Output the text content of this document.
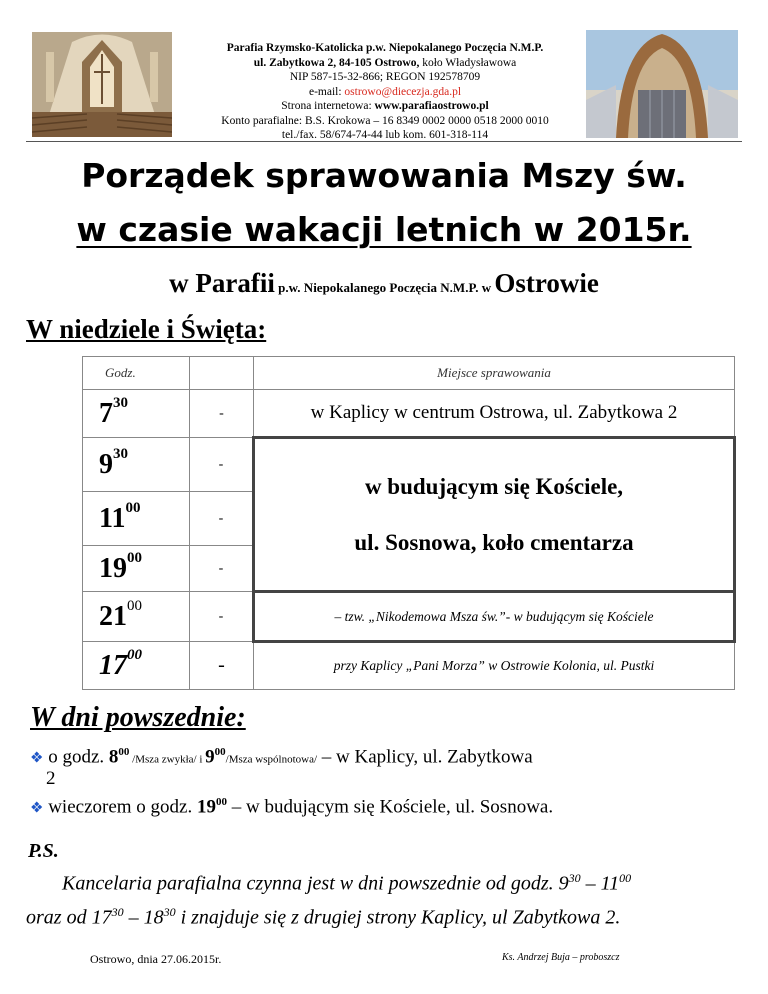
Parafia Rzymsko-Katolicka p.w. Niepokalanego Poczęcia N.M.P.
ul. Zabytkowa 2, 84-105 Ostrowo, koło Władysławowa
NIP 587-15-32-866; REGON 192578709
e-mail: ostrowo@diecezja.gda.pl
Strona internetowa: www.parafiaostrowo.pl
Konto parafialne: B.S. Krokowa – 16 8349 0002 0000 0518 2000 0010
tel./fax. 58/674-74-44 lub kom. 601-318-114
Porządek sprawowania Mszy św.
w czasie wakacji letnich w 2015r.
w Parafii p.w. Niepokalanego Poczęcia N.M.P. w Ostrowie
W niedziele i Święta:
Godz.		Miejsce sprawowania
$7^{30}$	-	w Kaplicy w centrum Ostrowa, ul. Zabytkowa 2
$9^{30}$	-	w budującym się Kościele,
ul. Sosnowa, koło cmentarza

$11^{00}$	-	
$19^{00}$	-	
$21^{00}$	-	– tzw. „Nikodemowa Msza św.”- w budującym się Kościele
$17^{00}$	-	przy Kaplicy „Pani Morza” w Ostrowie Kolonia, ul. Pustki
W dni powszednie:
❖ o godz. $8^{00}$ /Msza zwykła/ i $9^{00}$/Msza wspólnotowa/ – w Kaplicy, ul. Zabytkowa
2
❖ wieczorem o godz. $19^{00}$ – w budującym się Kościele, ul. Sosnowa.
P.S.
Kancelaria parafialna czynna jest w dni powszednie od godz. $9^{30} - 11^{00}$
oraz od $17^{30} - 18^{30}$ i znajduje się z drugiej strony Kaplicy, ul Zabytkowa 2.
Ostrowo, dnia 27.06.2015r.	Ks. Andrzej Buja – proboszcz
